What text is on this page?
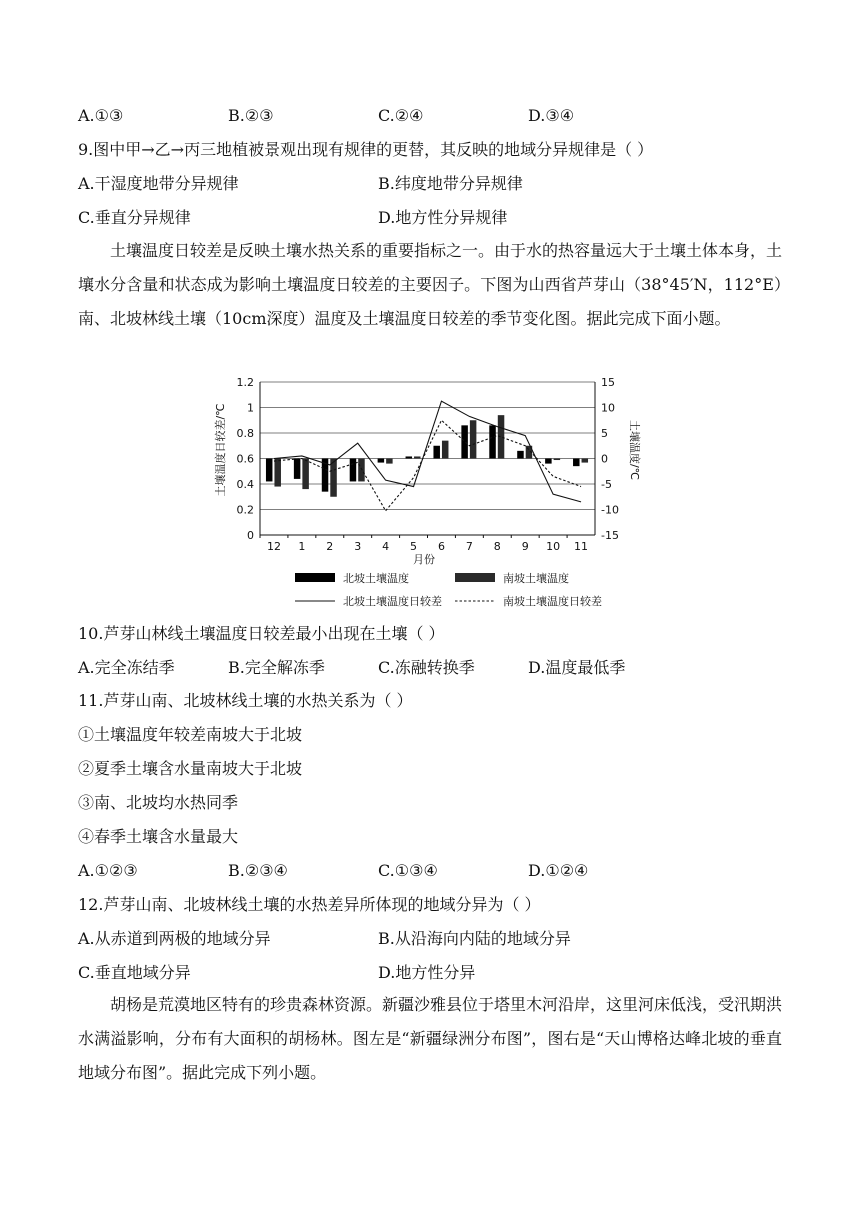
A.①③	B.②③	C.②④	D.③④
9.图中甲→乙→丙三地植被景观出现有规律的更替，其反映的地域分异规律是（ ）
A.干湿度地带分异规律	B.纬度地带分异规律
C.垂直分异规律	D.地方性分异规律
土壤温度日较差是反映土壤水热关系的重要指标之一。由于水的热容量远大于土壤土体本身，土壤水分含量和状态成为影响土壤温度日较差的主要因子。下图为山西省芦芽山（38°45′N，112°E）南、北坡林线土壤（10cm深度）温度及土壤温度日较差的季节变化图。据此完成下面小题。
0
0.2
0.4
0.6
0.8
1
1.2
-15
-10
-5
0
5
10
15
12 1 2 3 4 5 6 7 8 9 10 11
土壤温度日较差/℃	土壤温度/℃
月份
北坡土壤温度	南坡土壤温度
北坡土壤温度日较差	南坡土壤温度日较差
10.芦芽山林线土壤温度日较差最小出现在土壤（ ）
A.完全冻结季	B.完全解冻季	C.冻融转换季	D.温度最低季
11.芦芽山南、北坡林线土壤的水热关系为（ ）
①土壤温度年较差南坡大于北坡
②夏季土壤含水量南坡大于北坡
③南、北坡均水热同季
④春季土壤含水量最大
A.①②③	B.②③④	C.①③④	D.①②④
12.芦芽山南、北坡林线土壤的水热差异所体现的地域分异为（ ）
A.从赤道到两极的地域分异	B.从沿海向内陆的地域分异
C.垂直地域分异	D.地方性分异
胡杨是荒漠地区特有的珍贵森林资源。新疆沙雅县位于塔里木河沿岸，这里河床低浅，受汛期洪水满溢影响，分布有大面积的胡杨林。图左是“新疆绿洲分布图”，图右是“天山博格达峰北坡的垂直地域分布图”。据此完成下列小题。
